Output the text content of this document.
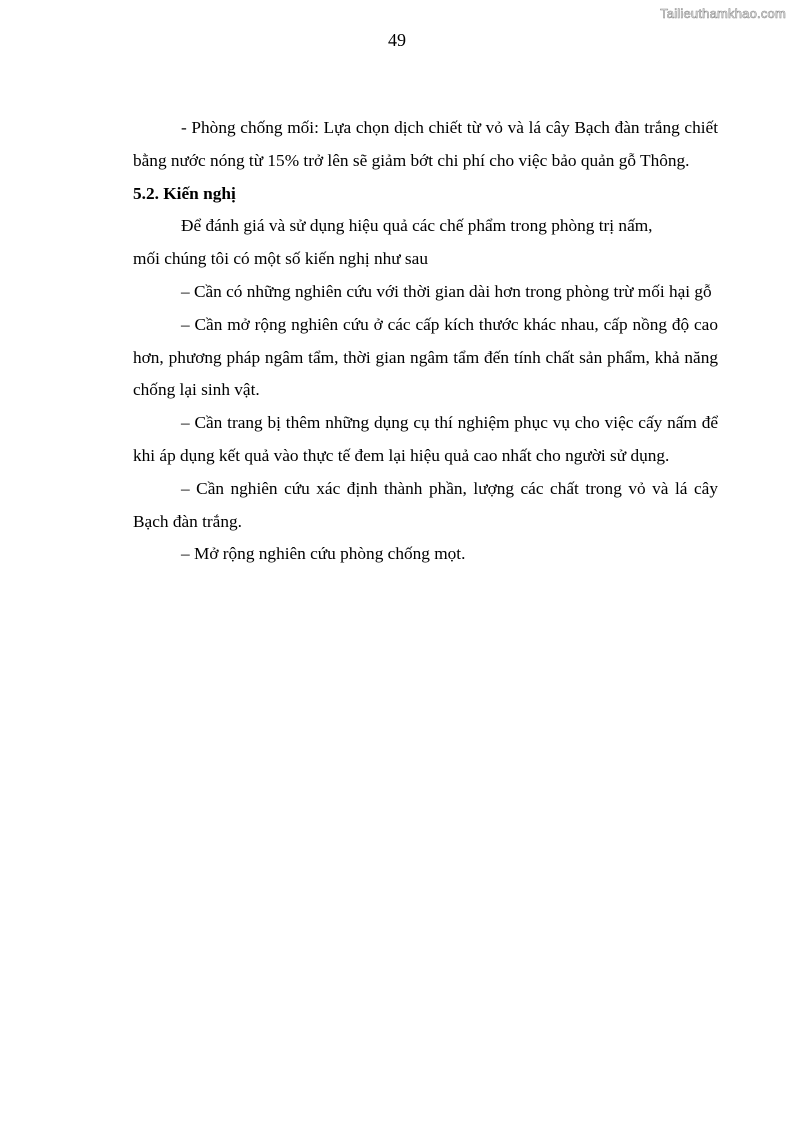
Tailieuthamkhao.com
49

- Phòng chống mối: Lựa chọn dịch chiết từ vỏ và lá cây Bạch đàn trắng chiết bằng nước nóng từ 15% trở lên sẽ giảm bớt chi phí cho việc bảo quản gỗ Thông.

5.2. Kiến nghị

Để đánh giá và sử dụng hiệu quả các chế phẩm trong phòng trị nấm,

mối chúng tôi có một số kiến nghị như sau

– Cần có những nghiên cứu với thời gian dài hơn trong phòng trừ mối hại gỗ

– Cần mở rộng nghiên cứu ở các cấp kích thước khác nhau, cấp nồng độ cao hơn, phương pháp ngâm tẩm, thời gian ngâm tẩm đến tính chất sản phẩm, khả năng chống lại sinh vật.

– Cần trang bị thêm những dụng cụ thí nghiệm phục vụ cho việc cấy nấm để khi áp dụng kết quả vào thực tế đem lại hiệu quả cao nhất cho người sử dụng.

– Cần nghiên cứu xác định thành phần, lượng các chất trong vỏ và lá cây Bạch đàn trắng.

– Mở rộng nghiên cứu phòng chống mọt.
